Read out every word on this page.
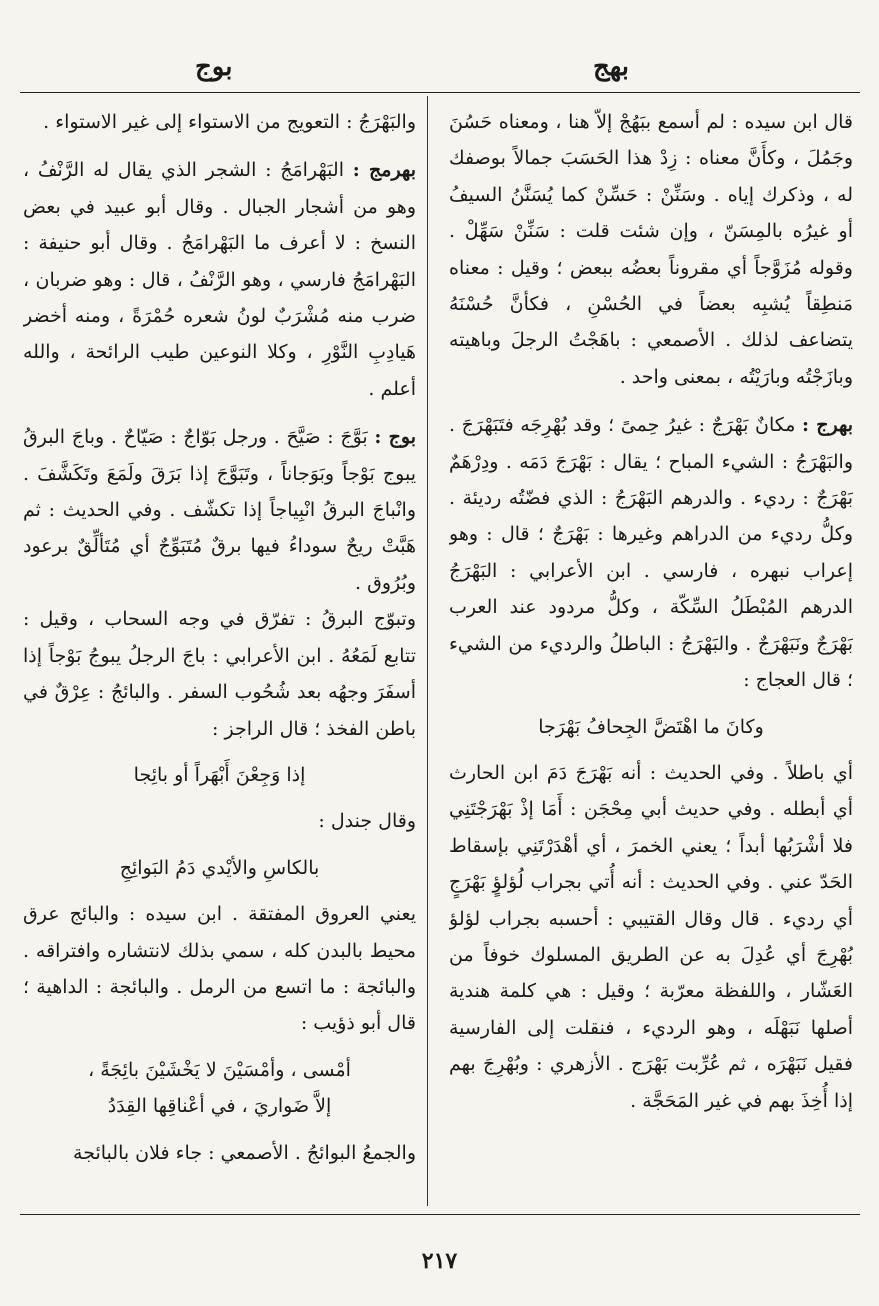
بهج
بوج

قال ابن سيده : لم أسمع ببَهُجْ إلاّ هنا ، ومعناه حَسُنَ وجَمُلَ ، وكأَنَّ معناه : زِدْ هذا الحَسَبَ جمالاً بوصفك له ، وذكرك إياه . وسَنِّنْ : حَسِّنْ كما يُسَنَّنُ السيفُ أو غيرُه بالمِسَنّ ، وإن شئت قلت : سَنِّنْ سَهِّلْ . وقوله مُزَوَّجاً أي مقروناً بعضُه ببعض ؛ وقيل : معناه مَنطِقاً يُشبِه بعضاً في الحُسْنِ ، فكأنَّ حُسْنَهُ يتضاعف لذلك . الأصمعي : باهَجْتُ الرجلَ وباهيته وبازَجْتُه وبارَيْتُه ، بمعنى واحد .

بهرج : مكانٌ بَهْرَجٌ : غيرُ حِمىً ؛ وقد بُهْرِجَه فتَبَهْرَجَ . والبَهْرَجُ : الشيء المباح ؛ يقال : بَهْرَجَ دَمَه . ودِرْهَمٌ بَهْرَجٌ : رديء . والدرهم البَهْرَجُ : الذي فضّتُه رديئة . وكلُّ رديء من الدراهم وغيرها : بَهْرَجٌ ؛ قال : وهو إعراب نبهره ، فارسي . ابن الأعرابي : البَهْرَجُ الدرهم المُبْطَلُ السِّكّة ، وكلُّ مردود عند العرب بَهْرَجٌ ونَبَهْرَجٌ . والبَهْرَجُ : الباطلُ والرديء من الشيء ؛ قال العجاج :

وكانَ ما اهْتَضَّ الجِحافُ بَهْرَجا

أي باطلاً . وفي الحديث : أنه بَهْرَجَ دَمَ ابن الحارث أي أبطله . وفي حديث أبي مِحْجَن : أَمَا إذْ بَهْرَجْتَنِي فلا أشْرَبُها أبداً ؛ يعني الخمرَ ، أي أهْدَرْتَنِي بإسقاط الحَدّ عني . وفي الحديث : أنه أُتي بجراب لُؤلؤٍ بَهْرَجٍ أي رديء . قال وقال القتيبي : أحسبه بجراب لؤلؤ بُهْرِجَ أي عُدِلَ به عن الطريق المسلوك خوفاً من العَشّار ، واللفظة معرّبة ؛ وقيل : هي كلمة هندية أصلها نَبَهْلَه ، وهو الرديء ، فنقلت إلى الفارسية فقيل نَبَهْرَه ، ثم عُرِّبت بَهْرَج . الأزهري : وبُهْرِجَ بهم إذا أُخِذَ بهم في غير المَحَجَّة .

والبَهْرَجُ : التعويج من الاستواء إلى غير الاستواء .

بهرمج : البَهْرامَجُ : الشجر الذي يقال له الرَّنْفُ ، وهو من أشجار الجبال . وقال أبو عبيد في بعض النسخ : لا أعرف ما البَهْرامَجُ . وقال أبو حنيفة : البَهْرامَجُ فارسي ، وهو الرَّنْفُ ، قال : وهو ضربان ، ضرب منه مُشْرَبٌ لونُ شعره حُمْرَةً ، ومنه أخضر هَيادِبِ النَّوْرِ ، وكلا النوعين طيب الرائحة ، والله أعلم .

بوج : بَوَّجَ : صَيَّحَ . ورجل بَوّاجٌ : صَيّاحٌ . وباجَ البرقُ يبوج بَوْجاً وبَوَجاناً ، وتَبَوَّجَ إذا بَرَقَ ولَمَعَ وتَكَشَّفَ . وانْباجَ البرقُ انْبِياجاً إذا تكشّف . وفي الحديث : ثم هَبَّتْ ريحٌ سوداءُ فيها برقٌ مُتَبَوِّجٌ أي مُتَألِّقٌ برعود وبُرُوق .

وتبوّج البرقُ : تفرّق في وجه السحاب ، وقيل : تتابع لَمَعُهُ . ابن الأعرابي : باجَ الرجلُ يبوجُ بَوْجاً إذا أسفَرَ وجهُه بعد شُحُوب السفر . والبائجُ : عِرْقٌ في باطن الفخذ ؛ قال الراجز :

إذا وَجِعْنَ أَبْهَراً أو بائِجا

وقال جندل :

بالكاسِ والأيْدي دَمُ البَوائِجِ

يعني العروق المفتقة . ابن سيده : والبائج عرق محيط بالبدن كله ، سمي بذلك لانتشاره وافتراقه . والبائجة : ما اتسع من الرمل . والبائجة : الداهية ؛ قال أبو ذؤيب :

أمْسى ، وأمْسَيْنَ لا يَخْشَيْنَ بائِجَةً ،

إلاَّ ضَواريَ ، في أعْناقِها القِدَدُ

والجمعُ البوائجُ . الأصمعي : جاء فلان بالبائجة

٢١٧
